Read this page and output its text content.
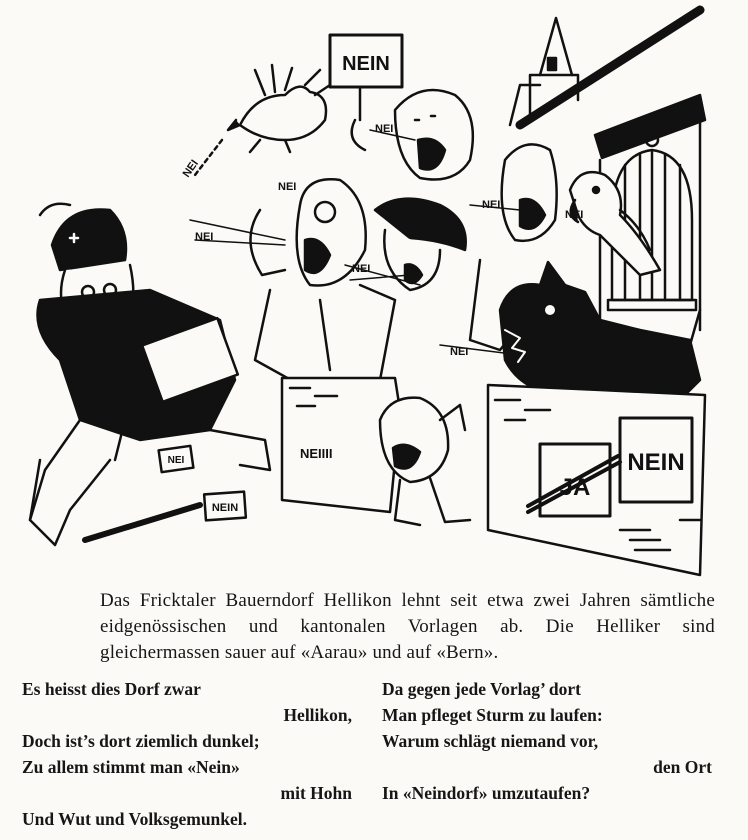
NEIN
NEIN
JA
NEIN
NEI	NEIIII
NEI
NEI
NEI
NEI
NEI
NEI
NEI
NEI

Das Fricktaler Bauerndorf Hellikon lehnt seit etwa zwei Jahren sämtliche eidgenössischen und kantonalen Vorlagen ab. Die Helliker sind gleichermassen sauer auf «Aarau» und auf «Bern».

Es heisst dies Dorf zwar
Hellikon,
Doch ist’s dort ziemlich dunkel;
Zu allem stimmt man «Nein»
mit Hohn
Und Wut und Volksgemunkel.
Da gegen jede Vorlag’ dort
Man pfleget Sturm zu laufen:
Warum schlägt niemand vor,
den Ort
In «Neindorf» umzutaufen?
